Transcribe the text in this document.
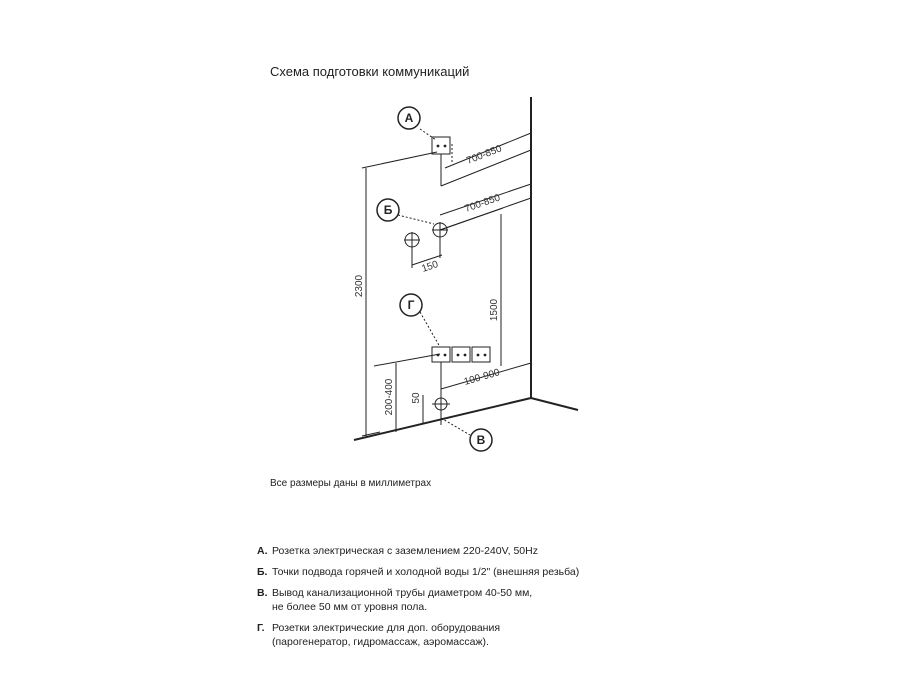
Схема подготовки коммуникаций
А
Б
Г
В
700-850
700-850
150
2300
1500
100-900
200-400 50
Все размеры даны в миллиметрах
А. Розетка электрическая с заземлением 220-240V, 50Hz
Б. Точки подвода горячей и холодной воды 1/2" (внешняя резьба)
В. Вывод канализационной трубы диаметром 40-50 мм,
не более 50 мм от уровня пола.
Г. Розетки электрические для доп. оборудования
(парогенератор, гидромассаж, аэромассаж).
